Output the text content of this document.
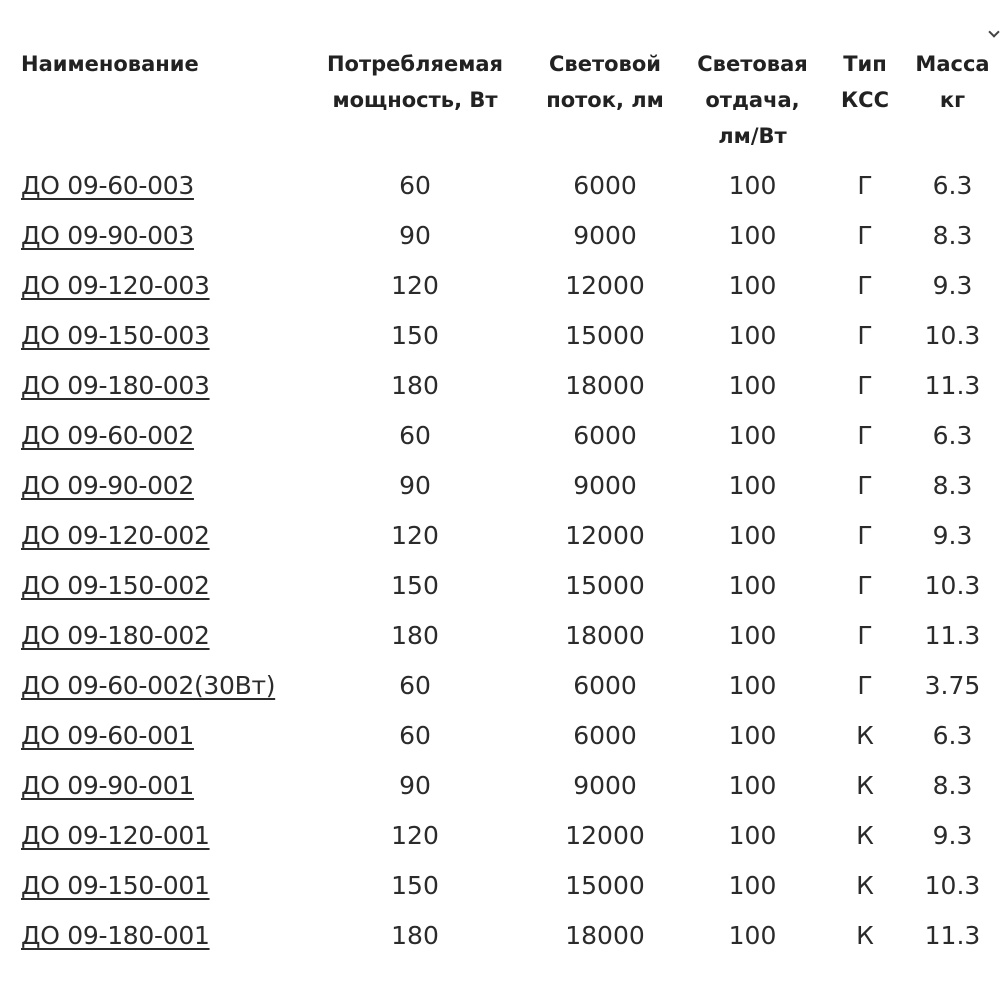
Наименование	Потребляемая мощность, Вт	Световой поток, лм	Световая отдача, лм/Вт	Тип КСС	Масса кг
ДО 09-60-003	60	6000	100	Г	6.3
ДО 09-90-003	90	9000	100	Г	8.3
ДО 09-120-003	120	12000	100	Г	9.3
ДО 09-150-003	150	15000	100	Г	10.3
ДО 09-180-003	180	18000	100	Г	11.3
ДО 09-60-002	60	6000	100	Г	6.3
ДО 09-90-002	90	9000	100	Г	8.3
ДО 09-120-002	120	12000	100	Г	9.3
ДО 09-150-002	150	15000	100	Г	10.3
ДО 09-180-002	180	18000	100	Г	11.3
ДО 09-60-002(30Вт)	60	6000	100	Г	3.75
ДО 09-60-001	60	6000	100	К	6.3
ДО 09-90-001	90	9000	100	К	8.3
ДО 09-120-001	120	12000	100	К	9.3
ДО 09-150-001	150	15000	100	К	10.3
ДО 09-180-001	180	18000	100	К	11.3
